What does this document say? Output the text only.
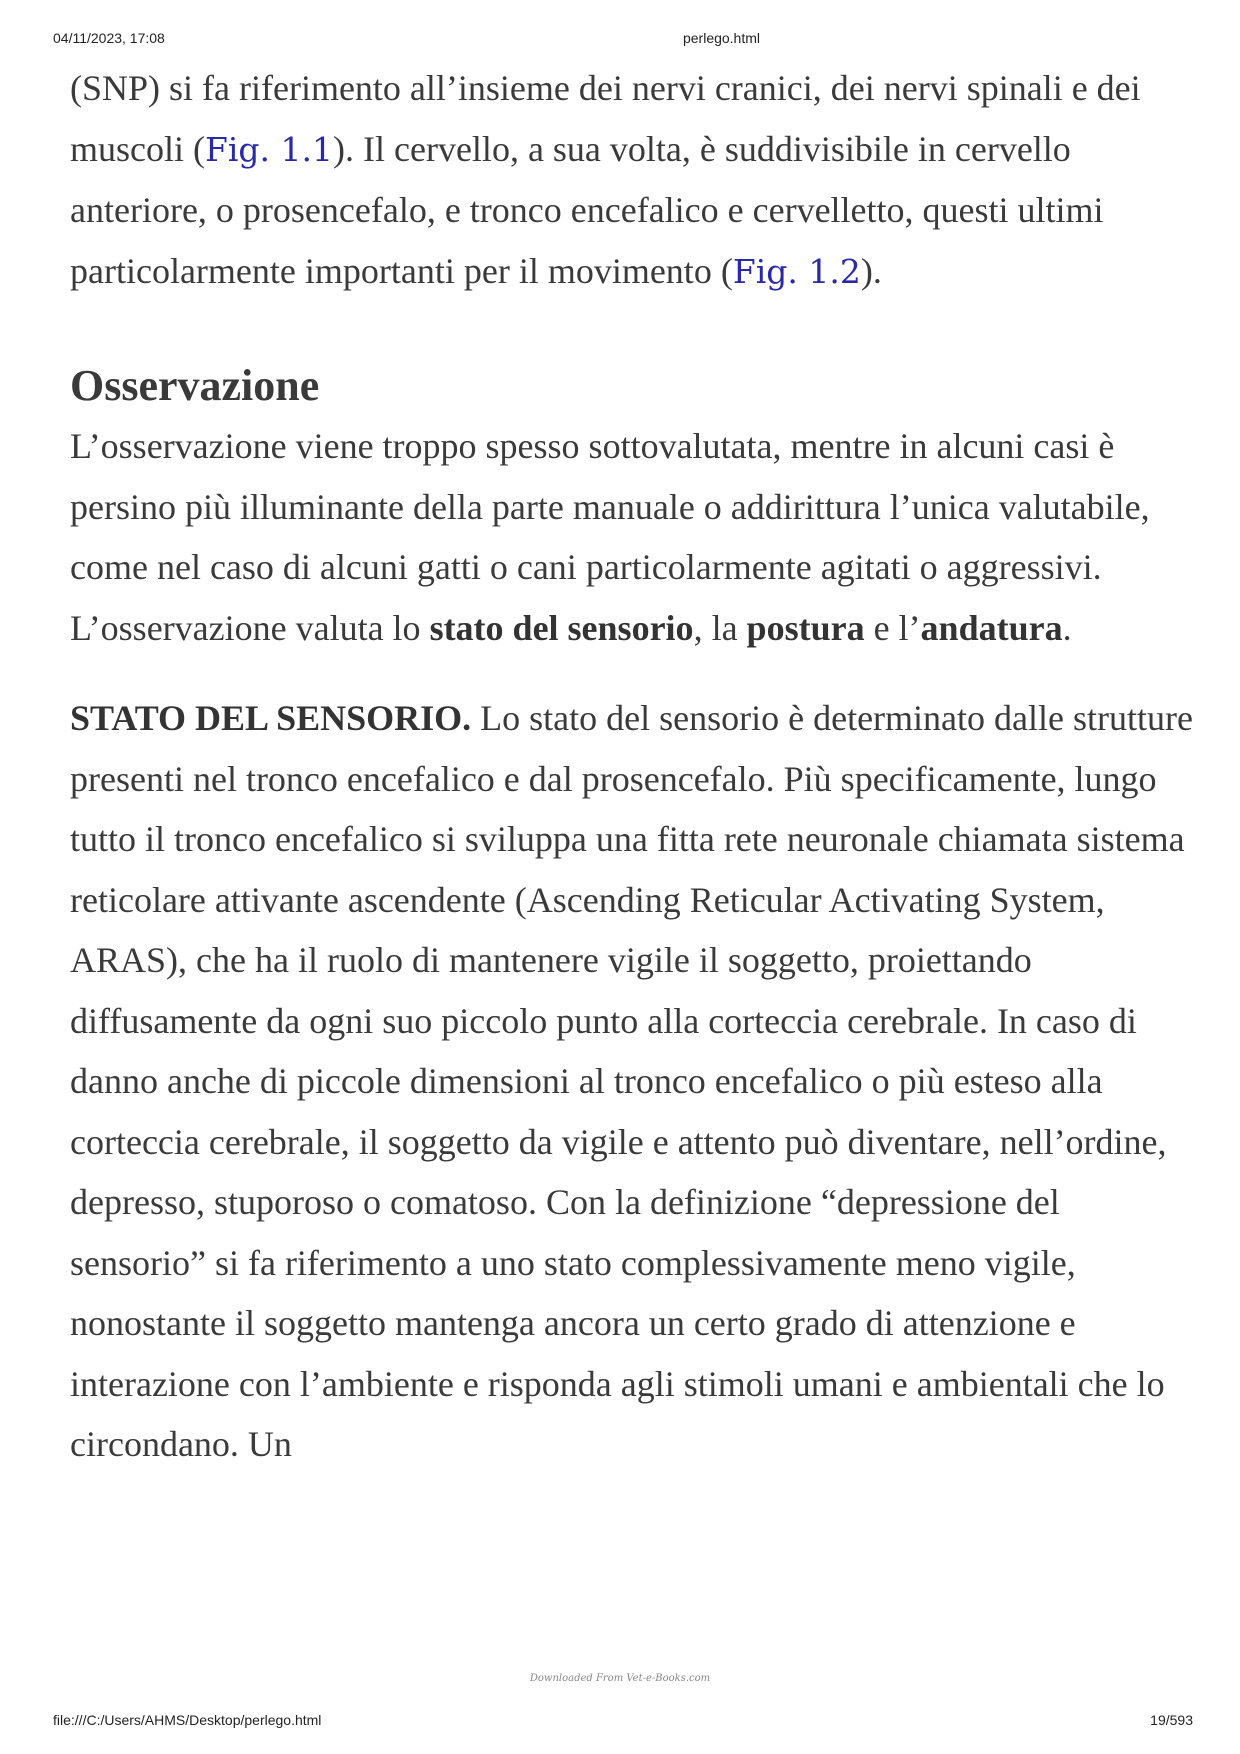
04/11/2023, 17:08	perlego.html

(SNP) si fa riferimento all’insieme dei nervi cranici, dei nervi spinali e dei muscoli (Fig. 1.1). Il cervello, a sua volta, è suddivisibile in cervello anteriore, o prosencefalo, e tronco encefalico e cervelletto, questi ultimi particolarmente importanti per il movimento (Fig. 1.2).

Osservazione

L’osservazione viene troppo spesso sottovalutata, mentre in alcuni casi è persino più illuminante della parte manuale o addirittura l’unica valutabile, come nel caso di alcuni gatti o cani particolarmente agitati o aggressivi. L’osservazione valuta lo stato del sensorio, la postura e l’andatura.

STATO DEL SENSORIO. Lo stato del sensorio è determinato dalle strutture presenti nel tronco encefalico e dal prosencefalo. Più specificamente, lungo tutto il tronco encefalico si sviluppa una fitta rete neuronale chiamata sistema reticolare attivante ascendente (Ascending Reticular Activating System, ARAS), che ha il ruolo di mantenere vigile il soggetto, proiettando diffusamente da ogni suo piccolo punto alla corteccia cerebrale. In caso di danno anche di piccole dimensioni al tronco encefalico o più esteso alla corteccia cerebrale, il soggetto da vigile e attento può diventare, nell’ordine, depresso, stuporoso o comatoso. Con la definizione “depressione del sensorio” si fa riferimento a uno stato complessivamente meno vigile, nonostante il soggetto mantenga ancora un certo grado di attenzione e interazione con l’ambiente e risponda agli stimoli umani e ambientali che lo circondano. Un

Downloaded From Vet-e-Books.com
file:///C:/Users/AHMS/Desktop/perlego.html	19/593
